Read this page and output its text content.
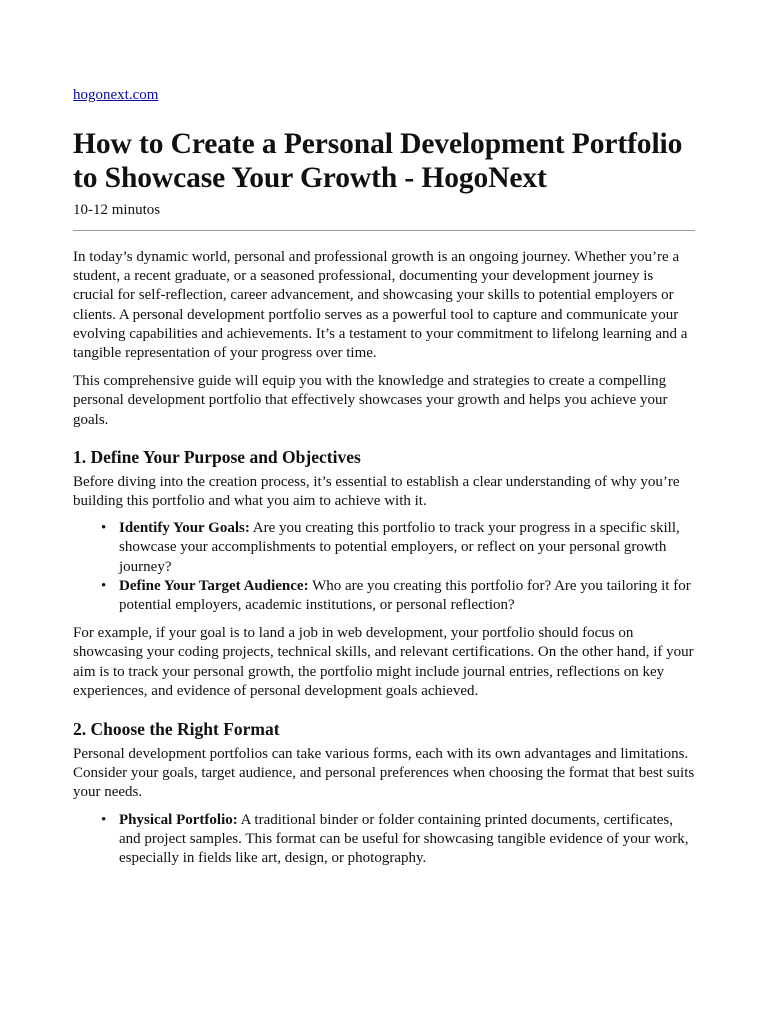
hogonext.com
How to Create a Personal Development Portfolio to Showcase Your Growth - HogoNext
10-12 minutos

In today’s dynamic world, personal and professional growth is an ongoing journey. Whether you’re a student, a recent graduate, or a seasoned professional, documenting your development journey is crucial for self-reflection, career advancement, and showcasing your skills to potential employers or clients. A personal development portfolio serves as a powerful tool to capture and communicate your evolving capabilities and achievements. It’s a testament to your commitment to lifelong learning and a tangible representation of your progress over time.

This comprehensive guide will equip you with the knowledge and strategies to create a compelling personal development portfolio that effectively showcases your growth and helps you achieve your goals.

1. Define Your Purpose and Objectives

Before diving into the creation process, it’s essential to establish a clear understanding of why you’re building this portfolio and what you aim to achieve with it.

• Identify Your Goals: Are you creating this portfolio to track your progress in a specific skill, showcase your accomplishments to potential employers, or reflect on your personal growth journey?
• Define Your Target Audience: Who are you creating this portfolio for? Are you tailoring it for potential employers, academic institutions, or personal reflection?

For example, if your goal is to land a job in web development, your portfolio should focus on showcasing your coding projects, technical skills, and relevant certifications. On the other hand, if your aim is to track your personal growth, the portfolio might include journal entries, reflections on key experiences, and evidence of personal development goals achieved.

2. Choose the Right Format

Personal development portfolios can take various forms, each with its own advantages and limitations. Consider your goals, target audience, and personal preferences when choosing the format that best suits your needs.

• Physical Portfolio: A traditional binder or folder containing printed documents, certificates, and project samples. This format can be useful for showcasing tangible evidence of your work, especially in fields like art, design, or photography.
